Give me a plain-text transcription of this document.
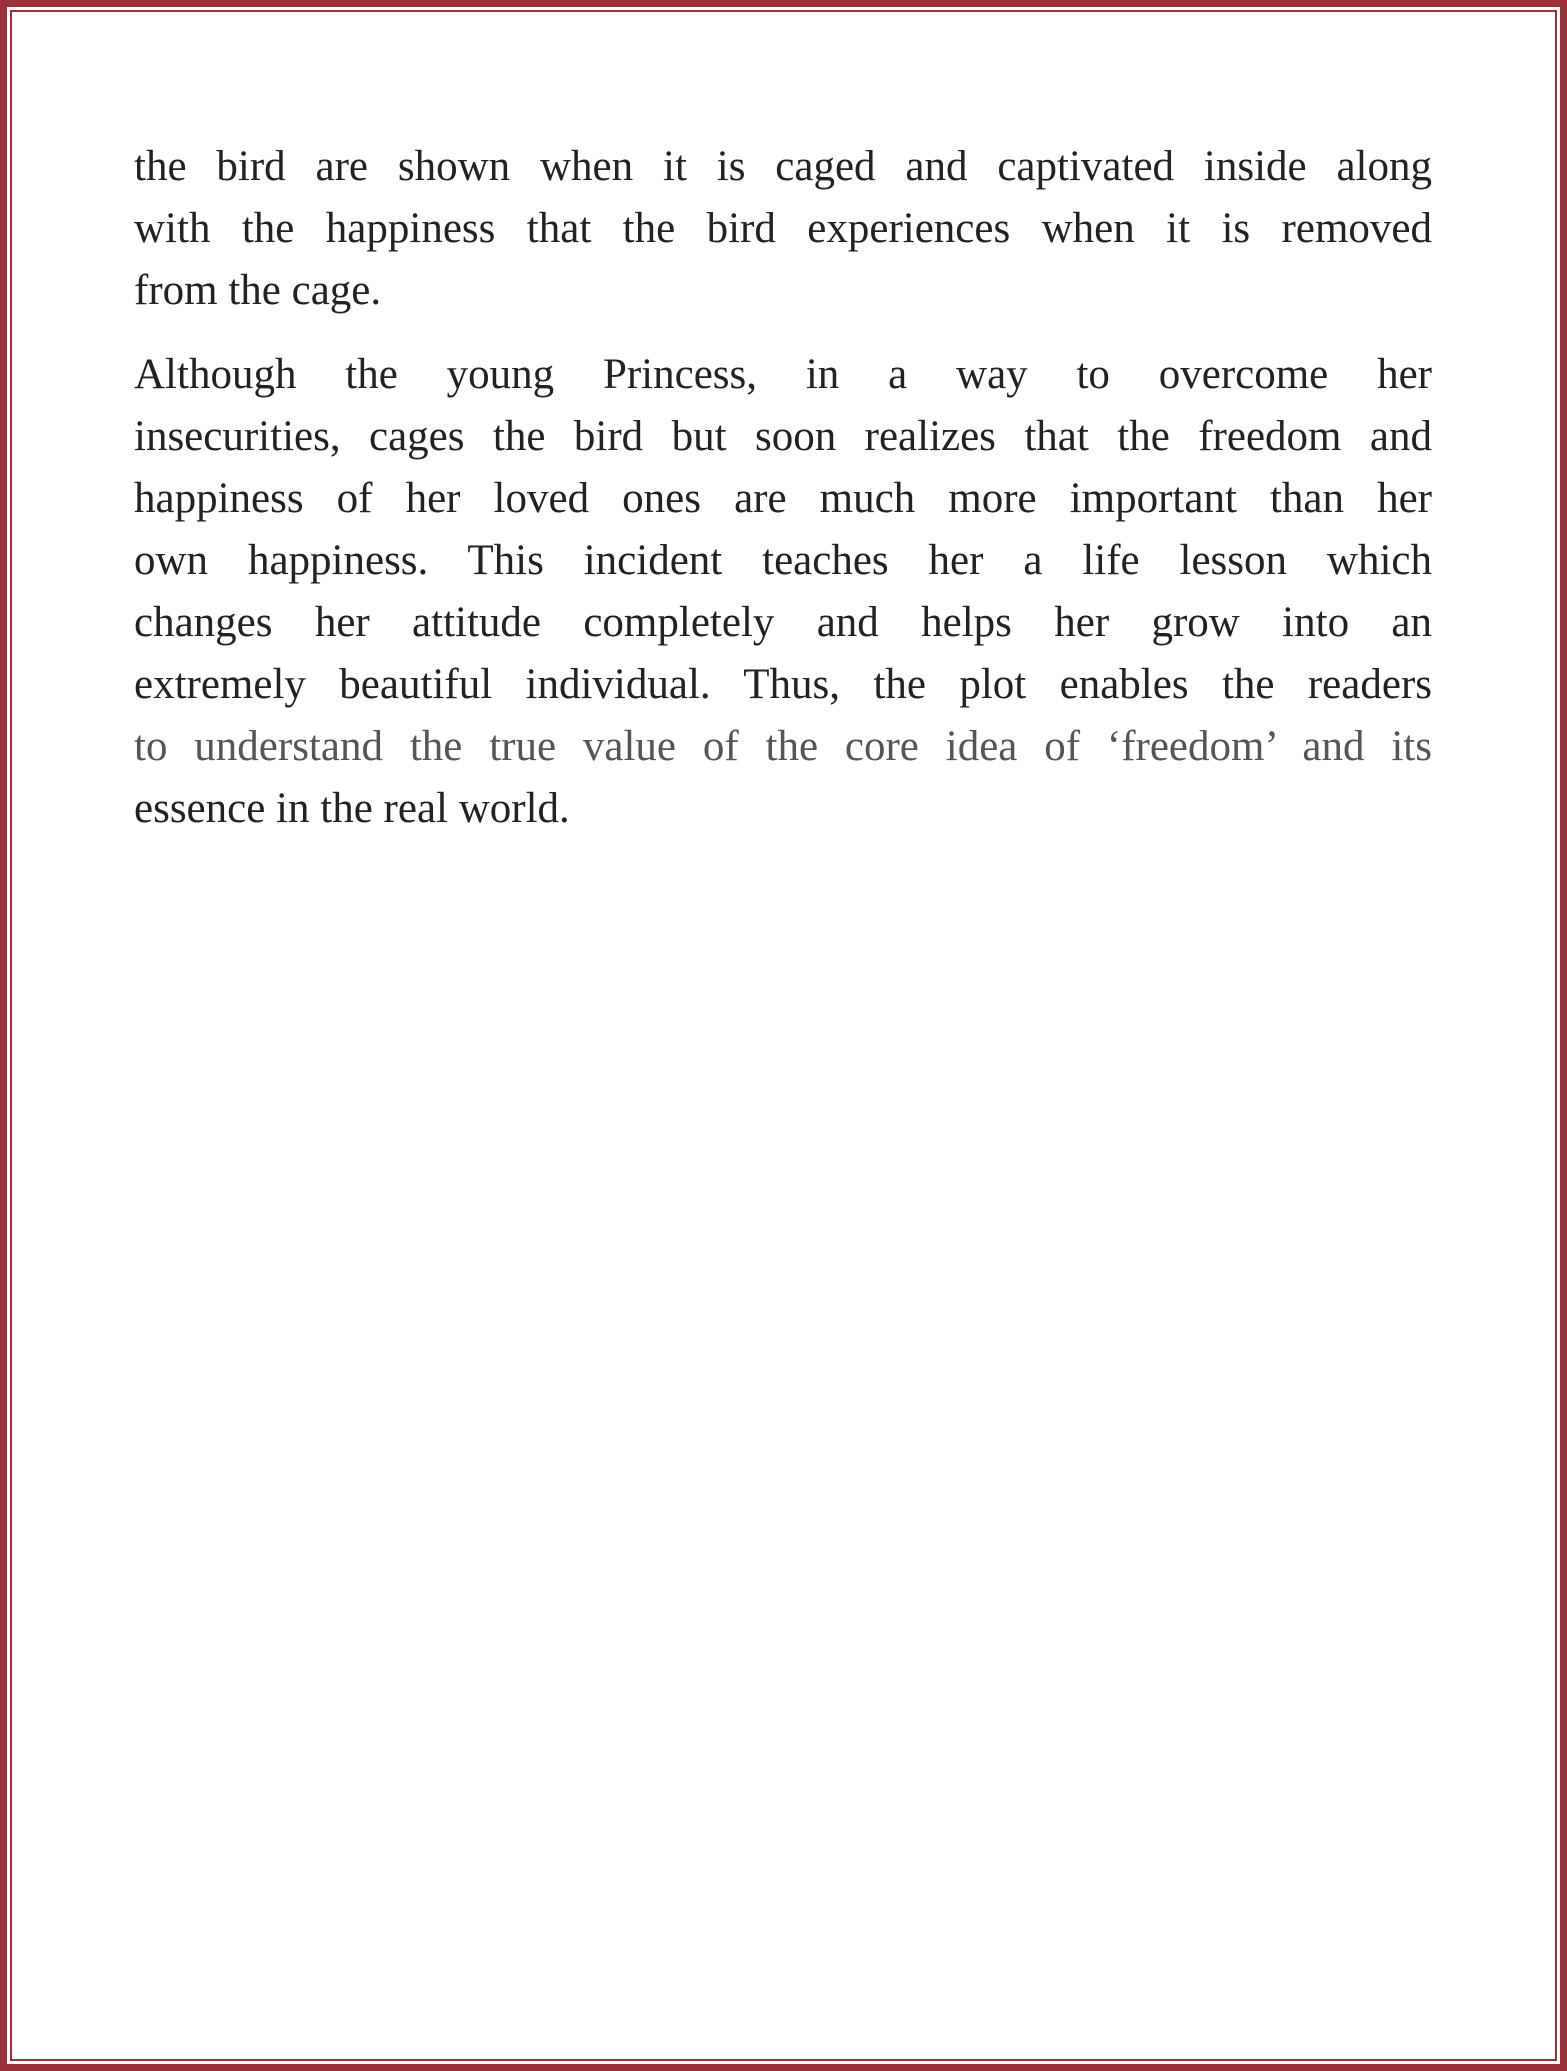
the bird are shown when it is caged and captivated inside along
with the happiness that the bird experiences when it is removed
from the cage.
Although the young Princess, in a way to overcome her
insecurities, cages the bird but soon realizes that the freedom and
happiness of her loved ones are much more important than her
own happiness. This incident teaches her a life lesson which
changes her attitude completely and helps her grow into an
extremely beautiful individual. Thus, the plot enables the readers
to understand the true value of the core idea of ‘freedom’ and its
essence in the real world.
